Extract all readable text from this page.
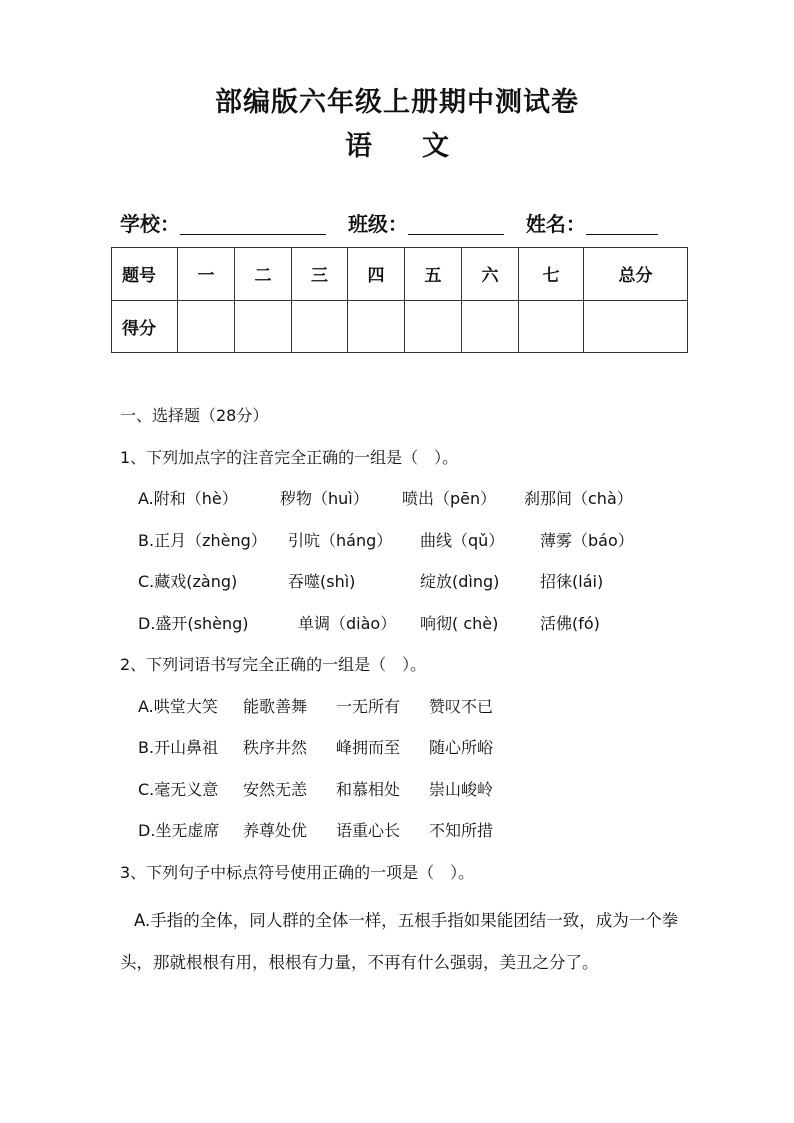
部编版六年级上册期中测试卷
语 文
学校：	班级：	姓名：
题号	一	二	三	四	五	六	七	总分
得分								
一、选择题（28分）
1、下列加点字的注音完全正确的一组是（　）。
A.附和（hè）	秽物（huì） 喷出（pēn） 刹那间（chà）
B.正月（zhèng） 引吭（háng） 曲线（qǔ） 薄雾（báo）
C.藏戏(zàng)	吞噬(shì)	绽放(dìng)	招徕(lái)
D.盛开(shèng)	单调（diào） 响彻( chè)	活佛(fó)
2、下列词语书写完全正确的一组是（　）。
A.哄堂大笑 能歌善舞 一无所有 赞叹不已
B.开山鼻祖 秩序井然 峰拥而至 随心所峪
C.毫无义意 安然无恙 和慕相处 崇山峻岭
D.坐无虚席 养尊处优 语重心长 不知所措
3、下列句子中标点符号使用正确的一项是（　）。
A.手指的全体，同人群的全体一样，五根手指如果能团结一致，成为一个拳头，那就根根有用，根根有力量，不再有什么强弱，美丑之分了。
